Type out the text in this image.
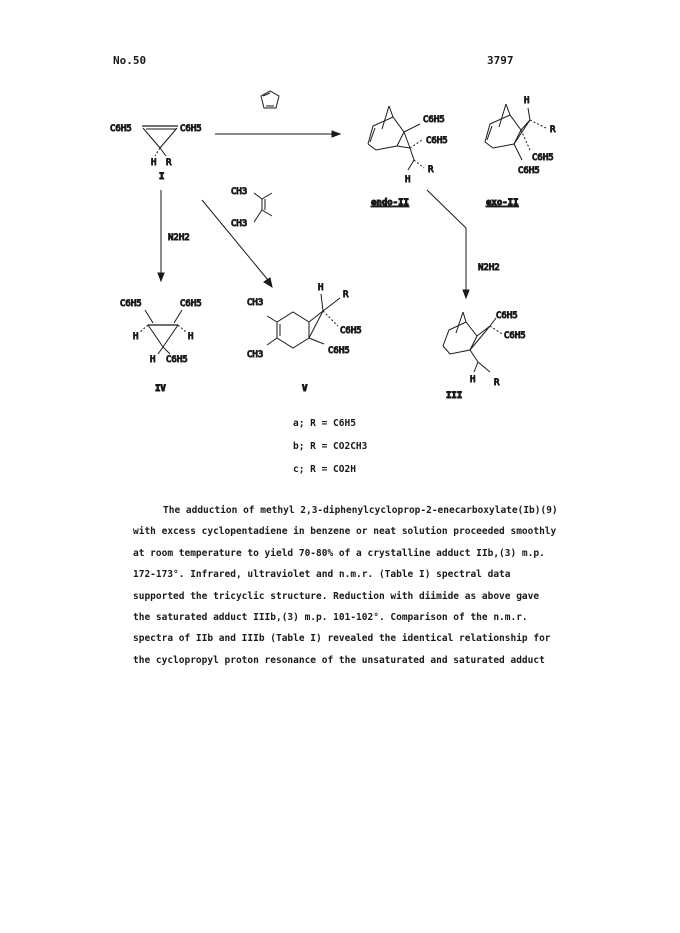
No.50	3797
C6H5	C6H5
H R
I
CH3
CH3
N2H2
C6H5
C6H5
H
R
endo-II
H
R
C6H5
C6H5
exo-II
N2H2
C6H5	C6H5
H	H
H C6H5
IV
CH3
CH3
H
R
C6H5
C6H5
V
C6H5
C6H5
H R
III
a; R = C6H5
b; R = CO2CH3
c; R = CO2H
The adduction of methyl 2,3-diphenylcycloprop-2-enecarboxylate(Ib)(9)
with excess cyclopentadiene in benzene or neat solution proceeded smoothly
at room temperature to yield 70-80% of a crystalline adduct IIb,(3) m.p.
172-173°. Infrared, ultraviolet and n.m.r. (Table I) spectral data
supported the tricyclic structure. Reduction with diimide as above gave
the saturated adduct IIIb,(3) m.p. 101-102°. Comparison of the n.m.r.
spectra of IIb and IIIb (Table I) revealed the identical relationship for
the cyclopropyl proton resonance of the unsaturated and saturated adduct
